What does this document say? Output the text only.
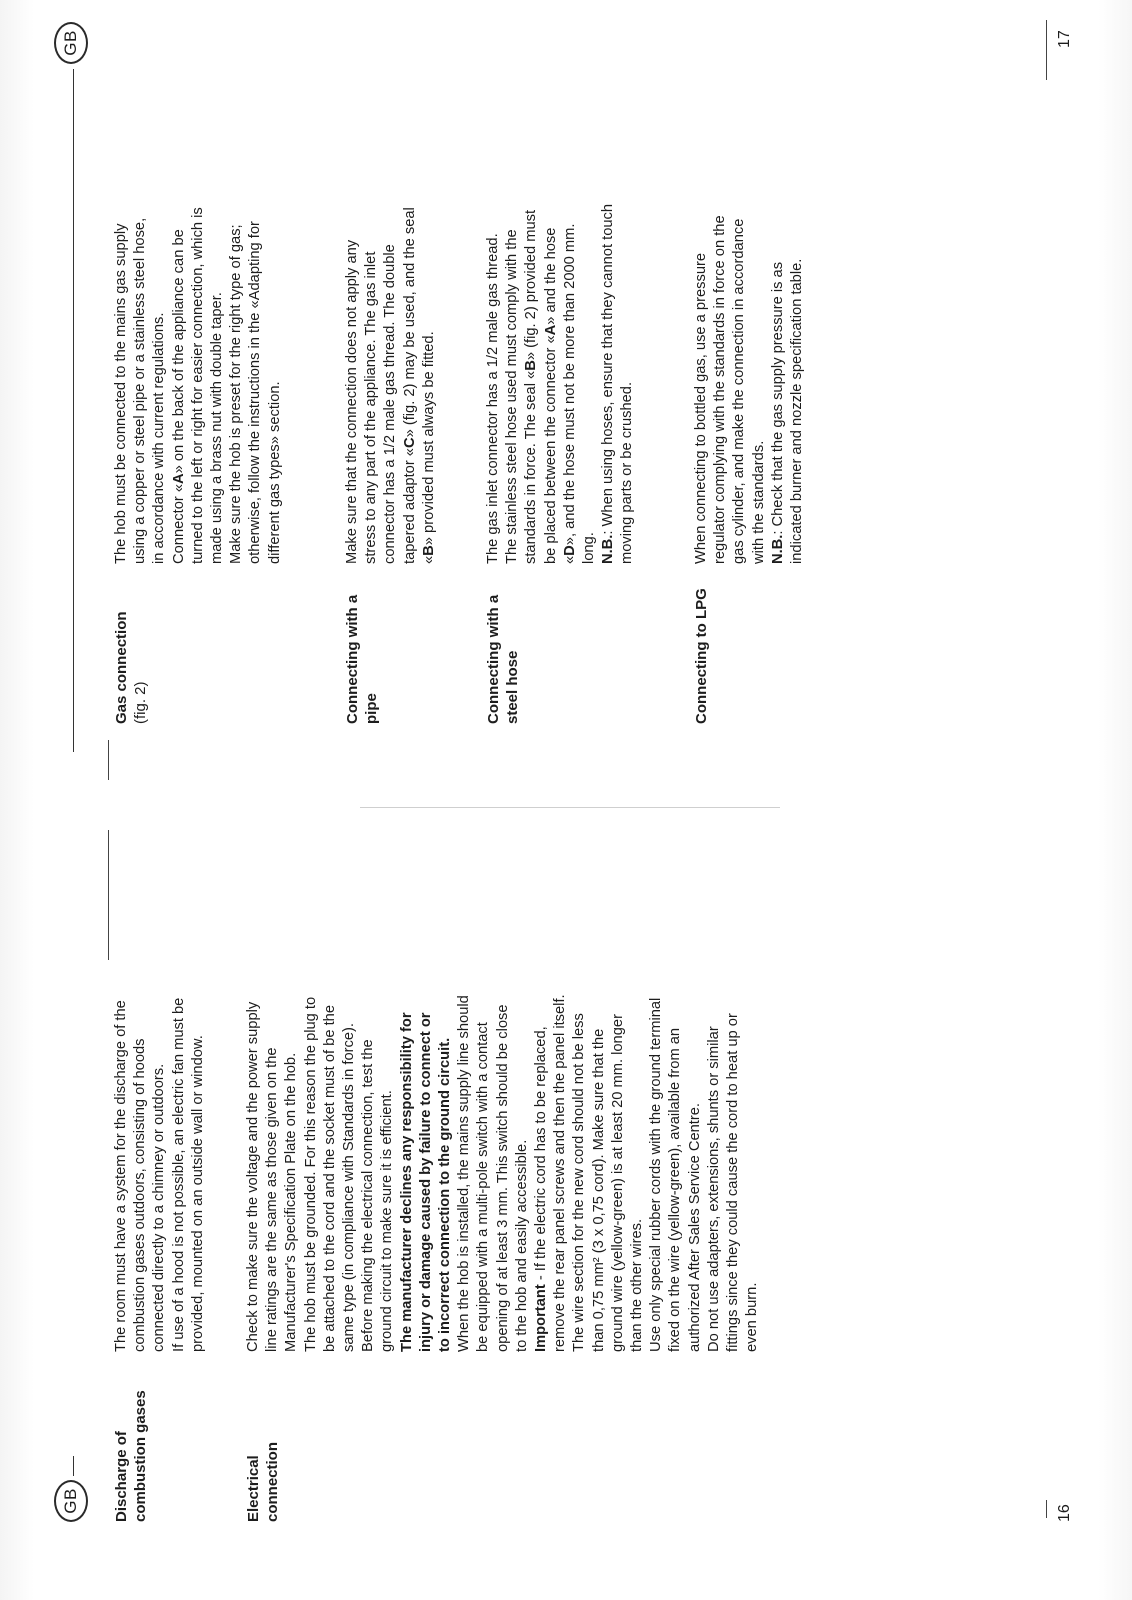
GB	Discharge of combustion gases
The room must have a system for the discharge of the combustion gases outdoors, consisting of hoods connected directly to a chimney or outdoors. If use of a hood is not possible, an electric fan must be provided, mounted on an outside wall or window.
Electrical connection
Check to make sure the voltage and the power supply line ratings are the same as those given on the Manufacturer's Specification Plate on the hob. The hob must be grounded. For this reason the plug to be attached to the cord and the socket must of be the same type (in compliance with Standards in force). Before making the electrical connection, test the ground circuit to make sure it is efficient. The manufacturer declines any responsibility for injury or damage caused by failure to connect or to incorrect connection to the ground circuit. When the hob is installed, the mains supply line should be equipped with a multi-pole switch with a contact opening of at least 3 mm. This switch should be close to the hob and easily accessible. Important - If the electric cord has to be replaced, remove the rear panel screws and then the panel itself. The wire section for the new cord should not be less than 0,75 mm² (3 x 0,75 cord). Make sure that the ground wire (yellow-green) is at least 20 mm. longer than the other wires. Use only special rubber cords with the ground terminal fixed on the wire (yellow-green), available from an authorized After Sales Service Centre. Do not use adapters, extensions, shunts or similar fittings since they could cause the cord to heat up or even burn.
16
GB
Gas connection (fig. 2)
The hob must be connected to the mains gas supply using a copper or steel pipe or a stainless steel hose, in accordance with current regulations. Connector «A» on the back of the appliance can be turned to the left or right for easier connection, which is made using a brass nut with double taper. Make sure the hob is preset for the right type of gas; otherwise, follow the instructions in the «Adapting for different gas types» section.
Connecting with a pipe
Make sure that the connection does not apply any stress to any part of the appliance. The gas inlet connector has a 1/2 male gas thread. The double tapered adaptor «C» (fig. 2) may be used, and the seal
«B» provided must always be fitted.
Connecting with a steel hose
The gas inlet connector has a 1/2 male gas thread. The stainless steel hose used must comply with the standards in force. The seal «B» (fig. 2) provided must
be placed between the connector «A» and the hose
«D», and the hose must not be more than 2000 mm.
long. N.B.: When using hoses, ensure that they cannot touch moving parts or be crushed.
Connecting to LPG
When connecting to bottled gas, use a pressure regulator complying with the standards in force on the gas cylinder, and make the connection in accordance with the standards. N.B.: Check that the gas supply pressure is as indicated burner and nozzle specification table.
17
